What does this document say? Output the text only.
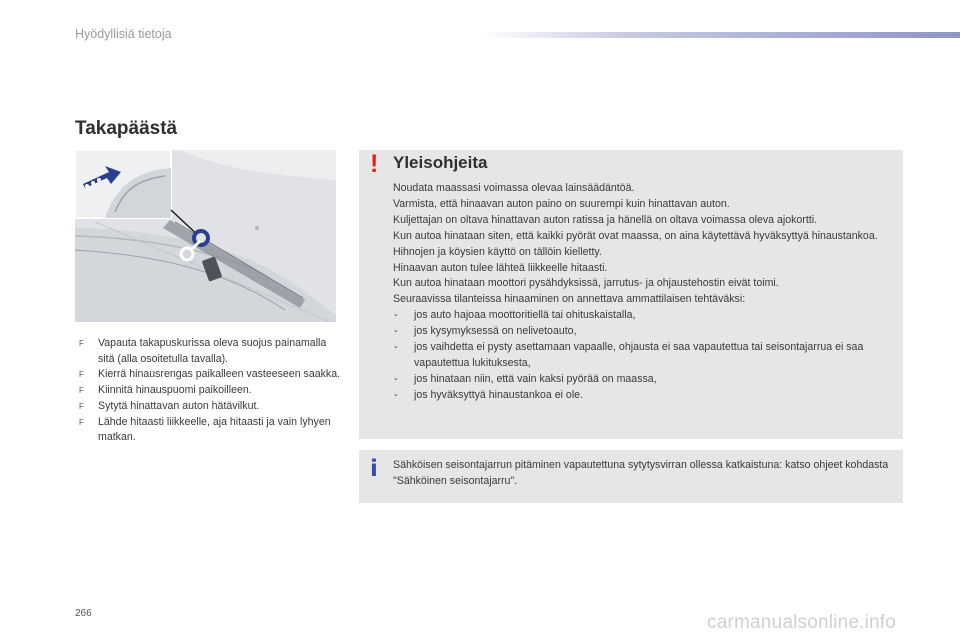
Hyödyllisiä tietoja
Takapäästä
F Vapauta takapuskurissa oleva suojus painamalla sitä (alla osoitetulla tavalla).
F Kierrä hinausrengas paikalleen vasteeseen saakka.
F Kiinnitä hinauspuomi paikoilleen.
F Sytytä hinattavan auton hätävilkut.
F Lähde hitaasti liikkeelle, aja hitaasti ja vain lyhyen matkan.
! Yleisohjeita

Noudata maassasi voimassa olevaa lainsäädäntöä.

Varmista, että hinaavan auton paino on suurempi kuin hinattavan auton.

Kuljettajan on oltava hinattavan auton ratissa ja hänellä on oltava voimassa oleva ajokortti.

Kun autoa hinataan siten, että kaikki pyörät ovat maassa, on aina käytettävä hyväksyttyä hinaustankoa. Hihnojen ja köysien käyttö on tällöin kielletty.

Hinaavan auton tulee lähteä liikkeelle hitaasti.

Kun autoa hinataan moottori pysähdyksissä, jarrutus- ja ohjaustehostin eivät toimi.

Seuraavissa tilanteissa hinaaminen on annettava ammattilaisen tehtäväksi:

- jos auto hajoaa moottoritiellä tai ohituskaistalla,
- jos kysymyksessä on nelivetoauto,
- jos vaihdetta ei pysty asettamaan vapaalle, ohjausta ei saa vapautettua tai seisontajarrua ei saa vapautettua lukituksesta,
- jos hinataan niin, että vain kaksi pyörää on maassa,
- jos hyväksyttyä hinaustankoa ei ole.
i Sähköisen seisontajarrun pitäminen vapautettuna sytytysvirran ollessa katkaistuna: katso ohjeet kohdasta "Sähköinen seisontajarru".
266	carmanualsonline.info
